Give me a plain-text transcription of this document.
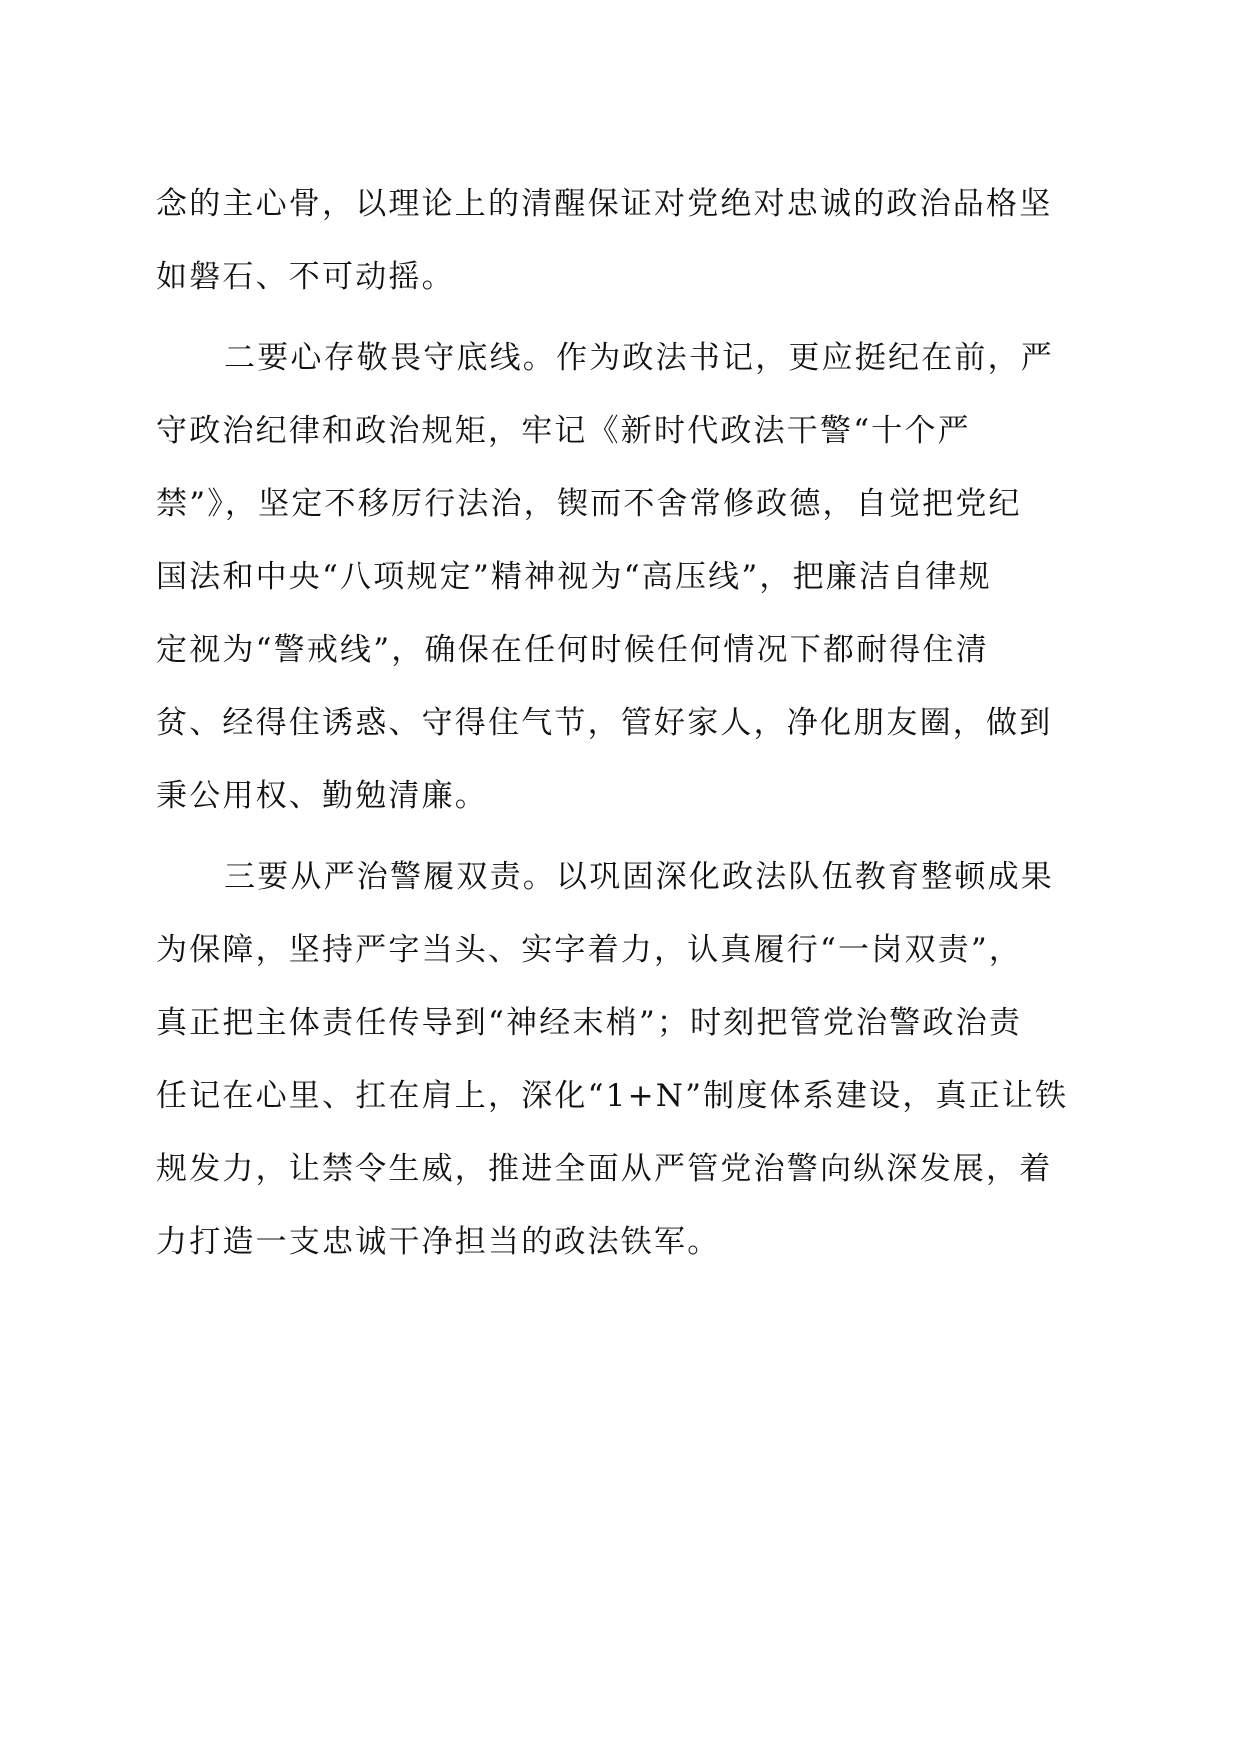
念的主心骨，以理论上的清醒保证对党绝对忠诚的政治品格坚
如磐石、不可动摇。
二要心存敬畏守底线。作为政法书记，更应挺纪在前，严
守政治纪律和政治规矩，牢记《新时代政法干警“十个严
禁”》，坚定不移厉行法治，锲而不舍常修政德，自觉把党纪
国法和中央“八项规定”精神视为“高压线”，把廉洁自律规
定视为“警戒线”，确保在任何时候任何情况下都耐得住清
贫、经得住诱惑、守得住气节，管好家人，净化朋友圈，做到
秉公用权、勤勉清廉。
三要从严治警履双责。以巩固深化政法队伍教育整顿成果
为保障，坚持严字当头、实字着力，认真履行“一岗双责”，
真正把主体责任传导到“神经末梢”；时刻把管党治警政治责
任记在心里、扛在肩上，深化“1+N”制度体系建设，真正让铁
规发力，让禁令生威，推进全面从严管党治警向纵深发展，着
力打造一支忠诚干净担当的政法铁军。
